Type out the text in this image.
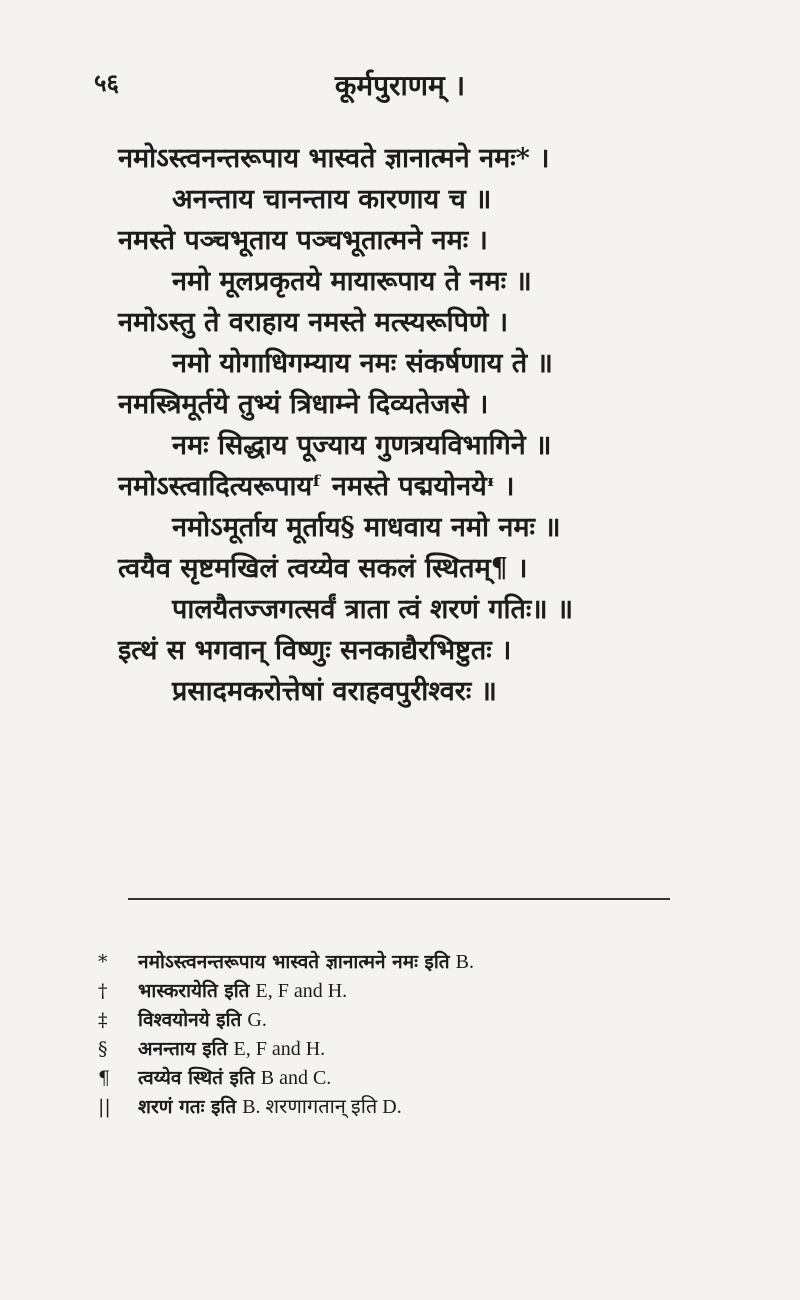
५६	कूर्मपुराणम् ।
नमोऽस्त्वनन्तरूपाय भास्वते ज्ञानात्मने नमः* ।
अनन्ताय चानन्ताय कारणाय च ॥
नमस्ते पञ्चभूताय पञ्चभूतात्मने नमः ।
नमो मूलप्रकृतये मायारूपाय ते नमः ॥
नमोऽस्तु ते वराहाय नमस्ते मत्स्यरूपिणे ।
नमो योगाधिगम्याय नमः संकर्षणाय ते ॥
नमस्त्रिमूर्तये तुभ्यं त्रिधाम्ने दिव्यतेजसे ।
नमः सिद्धाय पूज्याय गुणत्रयविभागिने ॥
नमोऽस्त्वादित्यरूपायᶠ नमस्ते पद्मयोनयेᶧ ।
नमोऽमूर्ताय मूर्ताय§ माधवाय नमो नमः ॥
त्वयैव सृष्टमखिलं त्वय्येव सकलं स्थितम्¶ ।
पालयैतज्जगत्सर्वं त्राता त्वं शरणं गतिः॥ ॥
इत्थं स भगवान् विष्णुः सनकाद्यैरभिष्टुतः ।
प्रसादमकरोत्तेषां वराहवपुरीश्वरः ॥
* नमोऽस्त्वनन्तरूपाय भास्वते ज्ञानात्मने नमः इति B.
† भास्करायेति इति E, F and H.
‡ विश्वयोनये इति G.
§ अनन्ताय इति E, F and H.
¶ त्वय्येव स्थितं इति B and C.
|| शरणं गतः इति B. शरणागतान् इति D.
